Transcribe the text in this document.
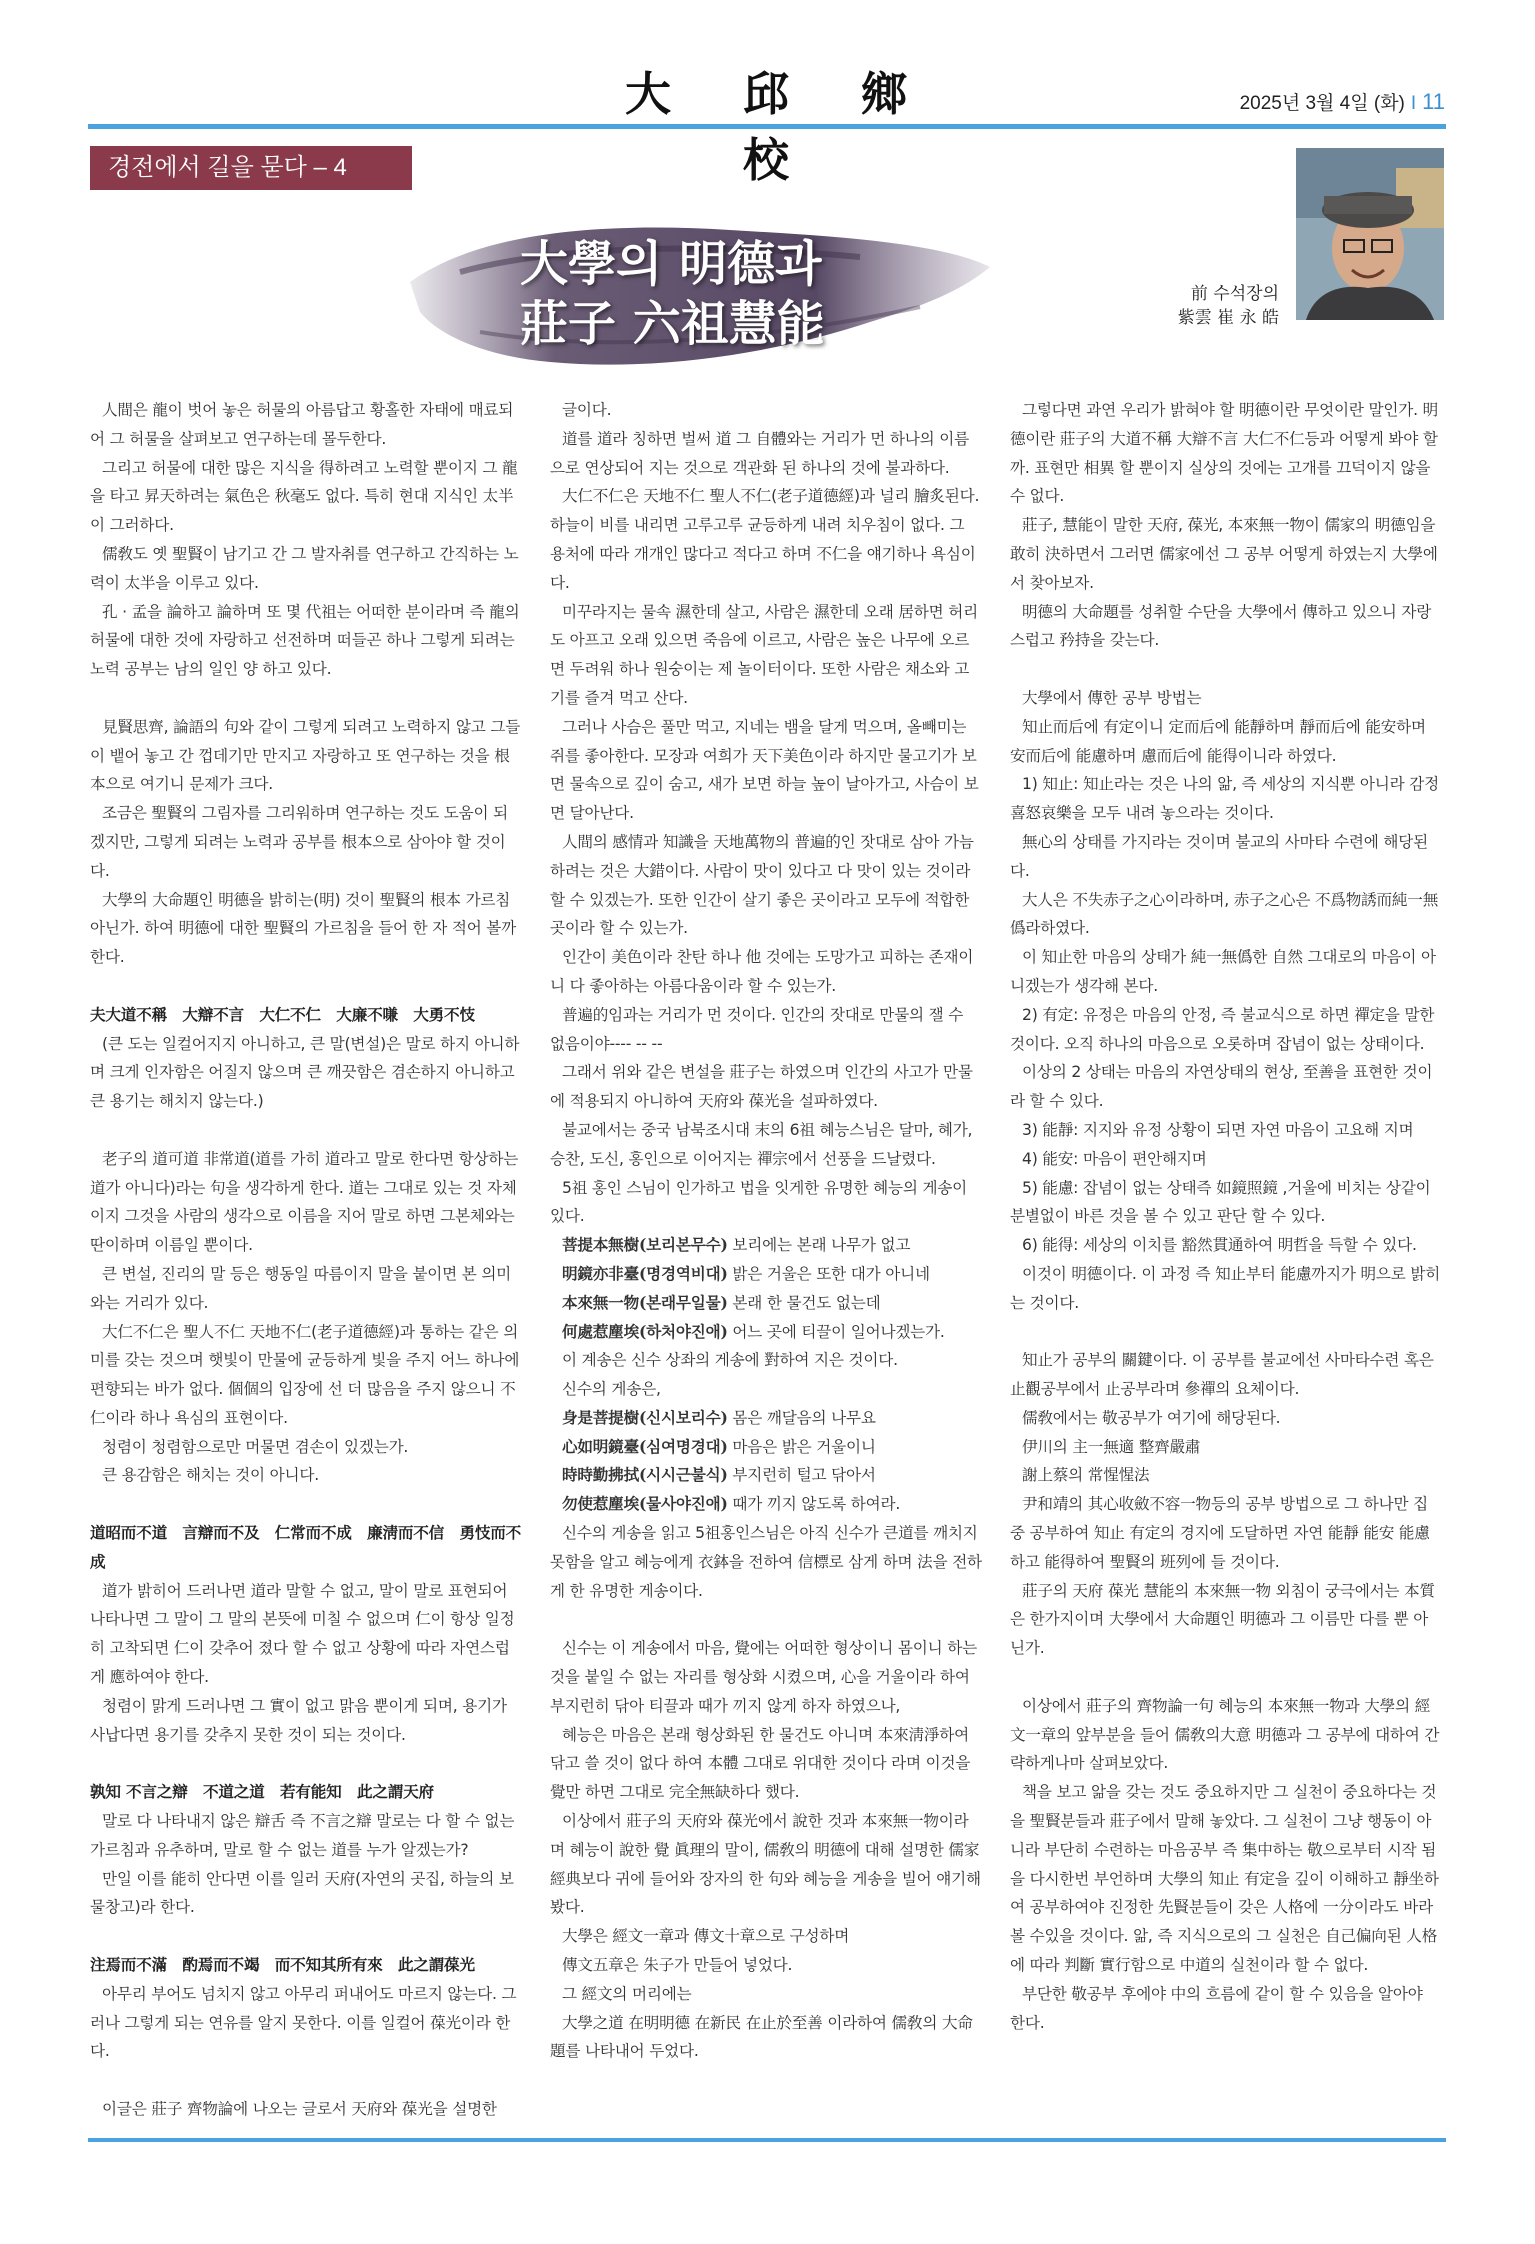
大 邱 鄉 校
2025년 3월 4일 (화) I 11
경전에서 길을 묻다 – 4
大學의 明德과
莊子 六祖慧能
前 수석장의
紫雲 崔 永 皓

人間은 龍이 벗어 놓은 허물의 아름답고 황홀한 자태에 매료되어 그 허물을 살펴보고 연구하는데 몰두한다.

그리고 허물에 대한 많은 지식을 得하려고 노력할 뿐이지 그 龍을 타고 昇天하려는 氣色은 秋毫도 없다. 특히 현대 지식인 太半이 그러하다.

儒敎도 옛 聖賢이 남기고 간 그 발자취를 연구하고 간직하는 노력이 太半을 이루고 있다.

孔 · 孟을 論하고 論하며 또 몇 代祖는 어떠한 분이라며 즉 龍의 허물에 대한 것에 자랑하고 선전하며 떠들곤 하나 그렇게 되려는 노력 공부는 남의 일인 양 하고 있다.

見賢思齊, 論語의 句와 같이 그렇게 되려고 노력하지 않고 그들이 뱉어 놓고 간 껍데기만 만지고 자랑하고 또 연구하는 것을 根本으로 여기니 문제가 크다.

조금은 聖賢의 그림자를 그리워하며 연구하는 것도 도움이 되겠지만, 그렇게 되려는 노력과 공부를 根本으로 삼아야 할 것이다.

大學의 大命題인 明德을 밝히는(明) 것이 聖賢의 根本 가르침 아닌가. 하여 明德에 대한 聖賢의 가르침을 들어 한 자 적어 볼까 한다.

夫大道不稱　大辯不言　大仁不仁　大廉不嗛　大勇不忮

(큰 도는 일컬어지지 아니하고, 큰 말(변설)은 말로 하지 아니하며 크게 인자함은 어질지 않으며 큰 깨끗함은 겸손하지 아니하고 큰 용기는 해치지 않는다.)

老子의 道可道 非常道(道를 가히 道라고 말로 한다면 항상하는 道가 아니다)라는 句을 생각하게 한다. 道는 그대로 있는 것 자체이지 그것을 사람의 생각으로 이름을 지어 말로 하면 그본체와는 딴이하며 이름일 뿐이다.

큰 변설, 진리의 말 등은 행동일 따름이지 말을 붙이면 본 의미와는 거리가 있다.

大仁不仁은 聖人不仁 天地不仁(老子道德經)과 통하는 같은 의미를 갖는 것으며 햇빛이 만물에 균등하게 빛을 주지 어느 하나에 편향되는 바가 없다. 個個의 입장에 선 더 많음을 주지 않으니 不仁이라 하나 욕심의 표현이다.

청렴이 청렴함으로만 머물면 겸손이 있겠는가.

큰 용감함은 해치는 것이 아니다.

道昭而不道　言辯而不及　仁常而不成　廉淸而不信　勇忮而不成

道가 밝히어 드러나면 道라 말할 수 없고, 말이 말로 표현되어 나타나면 그 말이 그 말의 본뜻에 미칠 수 없으며 仁이 항상 일정히 고착되면 仁이 갖추어 졌다 할 수 없고 상황에 따라 자연스럽게 應하여야 한다.

청렴이 맑게 드러나면 그 實이 없고 맑음 뿐이게 되며, 용기가 사납다면 용기를 갖추지 못한 것이 되는 것이다.

孰知 不言之辯　不道之道　若有能知　此之謂天府

말로 다 나타내지 않은 辯舌 즉 不言之辯 말로는 다 할 수 없는 가르침과 유추하며, 말로 할 수 없는 道를 누가 알겠는가?

만일 이를 能히 안다면 이를 일러 天府(자연의 곳집, 하늘의 보물창고)라 한다.

注焉而不滿　酌焉而不竭　而不知其所有來　此之謂葆光

아무리 부어도 넘치지 않고 아무리 퍼내어도 마르지 않는다. 그러나 그렇게 되는 연유를 알지 못한다. 이를 일컬어 葆光이라 한다.

이글은 莊子 齊物論에 나오는 글로서 天府와 葆光을 설명한

글이다.

道를 道라 칭하면 벌써 道 그 自體와는 거리가 먼 하나의 이름으로 연상되어 지는 것으로 객관화 된 하나의 것에 불과하다.

大仁不仁은 天地不仁 聖人不仁(老子道德經)과 널리 膾炙된다. 하늘이 비를 내리면 고루고루 균등하게 내려 치우침이 없다. 그 용처에 따라 개개인 많다고 적다고 하며 不仁을 얘기하나 욕심이다.

미꾸라지는 물속 濕한데 살고, 사람은 濕한데 오래 居하면 허리도 아프고 오래 있으면 죽음에 이르고, 사람은 높은 나무에 오르면 두려워 하나 원숭이는 제 놀이터이다. 또한 사람은 채소와 고기를 즐겨 먹고 산다.

그러나 사슴은 풀만 먹고, 지네는 뱀을 달게 먹으며, 올빼미는 쥐를 좋아한다. 모장과 여희가 天下美色이라 하지만 물고기가 보면 물속으로 깊이 숨고, 새가 보면 하늘 높이 날아가고, 사슴이 보면 달아난다.

人間의 感情과 知識을 天地萬物의 普遍的인 잣대로 삼아 가늠하려는 것은 大錯이다. 사람이 맛이 있다고 다 맛이 있는 것이라 할 수 있겠는가. 또한 인간이 살기 좋은 곳이라고 모두에 적합한 곳이라 할 수 있는가.

인간이 美色이라 찬탄 하나 他 것에는 도망가고 피하는 존재이니 다 좋아하는 아름다움이라 할 수 있는가.

普遍的임과는 거리가 먼 것이다. 인간의 잣대로 만물의 잴 수 없음이야---- -- --

그래서 위와 같은 변설을 莊子는 하였으며 인간의 사고가 만물에 적용되지 아니하여 天府와 葆光을 설파하였다.

불교에서는 중국 남북조시대 末의 6祖 혜능스님은 달마, 혜가, 승찬, 도신, 홍인으로 이어지는 禪宗에서 선풍을 드날렸다.

5祖 홍인 스님이 인가하고 법을 잇게한 유명한 혜능의 게송이 있다.

菩提本無樹(보리본무수) 보리에는 본래 나무가 없고

明鏡亦非臺(명경역비대) 밝은 거울은 또한 대가 아니네

本來無一物(본래무일물) 본래 한 물건도 없는데

何處惹塵埃(하처야진애) 어느 곳에 티끌이 일어나겠는가.

이 계송은 신수 상좌의 게송에 對하여 지은 것이다.

신수의 게송은,

身是菩提樹(신시보리수) 몸은 깨달음의 나무요

心如明鏡臺(심여명경대) 마음은 밝은 거울이니

時時勤拂拭(시시근불식) 부지런히 털고 닦아서

勿使惹塵埃(물사야진애) 때가 끼지 않도록 하여라.

신수의 게송을 읽고 5祖홍인스님은 아직 신수가 큰道를 깨치지 못함을 알고 혜능에게 衣鉢을 전하여 信標로 삼게 하며 法을 전하게 한 유명한 게송이다.

신수는 이 게송에서 마음, 覺에는 어떠한 형상이니 몸이니 하는 것을 붙일 수 없는 자리를 형상화 시켰으며, 心을 거울이라 하여 부지런히 닦아 티끌과 때가 끼지 않게 하자 하였으나,

혜능은 마음은 본래 형상화된 한 물건도 아니며 本來淸淨하여 닦고 쓸 것이 없다 하여 本體 그대로 위대한 것이다 라며 이것을 覺만 하면 그대로 完全無缺하다 했다.

이상에서 莊子의 天府와 葆光에서 說한 것과 本來無一物이라며 혜능이 說한 覺 眞理의 말이, 儒敎의 明德에 대해 설명한 儒家 經典보다 귀에 들어와 장자의 한 句와 혜능을 게송을 빌어 얘기해 봤다.

大學은 經文一章과 傳文十章으로 구성하며

傳文五章은 朱子가 만들어 넣었다.

그 經文의 머리에는

大學之道 在明明德 在新民 在止於至善 이라하여 儒敎의 大命題를 나타내어 두었다.

그렇다면 과연 우리가 밝혀야 할 明德이란 무엇이란 말인가. 明德이란 莊子의 大道不稱 大辯不言 大仁不仁등과 어떻게 봐야 할까. 표현만 相異 할 뿐이지 실상의 것에는 고개를 끄덕이지 않을 수 없다.

莊子, 慧能이 말한 天府, 葆光, 本來無一物이 儒家의 明德임을 敢히 決하면서 그러면 儒家에선 그 공부 어떻게 하였는지 大學에서 찾아보자.

明德의 大命題를 성취할 수단을 大學에서 傳하고 있으니 자랑스럽고 矜持을 갖는다.

大學에서 傳한 공부 방법는

知止而后에 有定이니 定而后에 能靜하며 靜而后에 能安하며 安而后에 能慮하며 慮而后에 能得이니라 하였다.

1) 知止: 知止라는 것은 나의 앎, 즉 세상의 지식뿐 아니라 감정 喜怒哀樂을 모두 내려 놓으라는 것이다.

無心의 상태를 가지라는 것이며 불교의 사마타 수련에 해당된다.

大人은 不失赤子之心이라하며, 赤子之心은 不爲物誘而純一無僞라하였다.

이 知止한 마음의 상태가 純一無僞한 自然 그대로의 마음이 아니겠는가 생각해 본다.

2) 有定: 유정은 마음의 안정, 즉 불교식으로 하면 禪定을 말한 것이다. 오직 하나의 마음으로 오롯하며 잡념이 없는 상태이다.

이상의 2 상태는 마음의 자연상태의 현상, 至善을 표현한 것이라 할 수 있다.

3) 能靜: 지지와 유정 상황이 되면 자연 마음이 고요해 지며

4) 能安: 마음이 편안해지며

5) 能慮: 잡념이 없는 상태즉 如鏡照鏡 ,거울에 비치는 상같이 분별없이 바른 것을 볼 수 있고 판단 할 수 있다.

6) 能得: 세상의 이치를 豁然貫通하여 明哲을 득할 수 있다.

이것이 明德이다. 이 과정 즉 知止부터 能慮까지가 明으로 밝히는 것이다.

知止가 공부의 關鍵이다. 이 공부를 불교에선 사마타수련 혹은 止觀공부에서 止공부라며 參禪의 요체이다.

儒敎에서는 敬공부가 여기에 해당된다.

伊川의 主一無適 整齊嚴肅

謝上蔡의 常惺惺法

尹和靖의 其心收斂不容一物등의 공부 방법으로 그 하나만 집중 공부하여 知止 有定의 경지에 도달하면 자연 能靜 能安 能慮하고 能得하여 聖賢의 班列에 들 것이다.

莊子의 天府 葆光 慧能의 本來無一物 외침이 궁극에서는 本質은 한가지이며 大學에서 大命題인 明德과 그 이름만 다를 뿐 아닌가.

이상에서 莊子의 齊物論一句 혜능의 本來無一物과 大學의 經文一章의 앞부분을 들어 儒敎의大意 明德과 그 공부에 대하여 간략하게나마 살펴보았다.

책을 보고 앎을 갖는 것도 중요하지만 그 실천이 중요하다는 것을 聖賢분들과 莊子에서 말해 놓았다. 그 실천이 그냥 행동이 아니라 부단히 수련하는 마음공부 즉 集中하는 敬으로부터 시작 됨을 다시한번 부언하며 大學의 知止 有定을 깊이 이해하고 靜坐하여 공부하여야 진정한 先賢분들이 갖은 人格에 一分이라도 바라볼 수있을 것이다. 앎, 즉 지식으로의 그 실천은 自己偏向된 人格에 따라 判斷 實行함으로 中道의 실천이라 할 수 없다.

부단한 敬공부 후에야 中의 흐름에 같이 할 수 있음을 알아야 한다.
